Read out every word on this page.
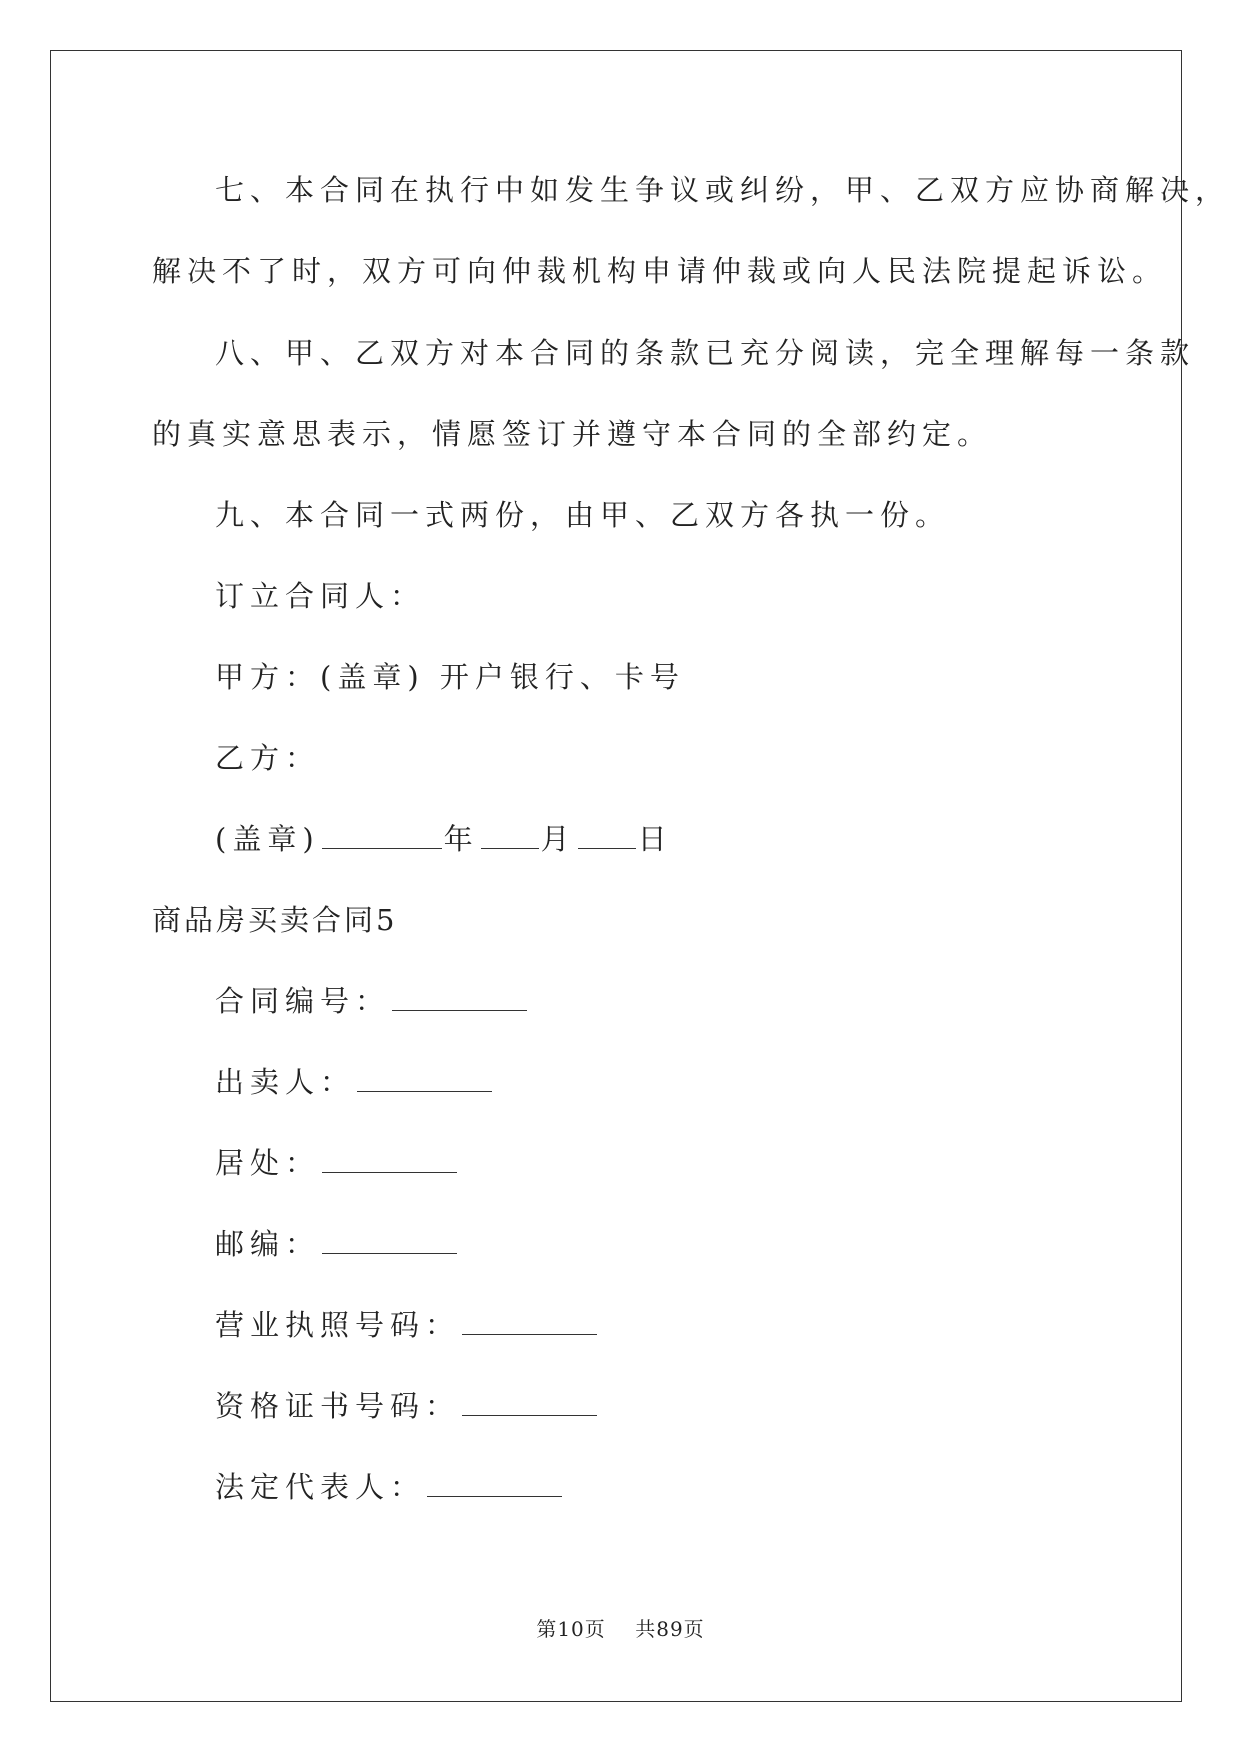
七、本合同在执行中如发生争议或纠纷，甲、乙双方应协商解决，
解决不了时，双方可向仲裁机构申请仲裁或向人民法院提起诉讼。
八、甲、乙双方对本合同的条款已充分阅读，完全理解每一条款
的真实意思表示，情愿签订并遵守本合同的全部约定。
九、本合同一式两份，由甲、乙双方各执一份。
订立合同人：
甲方：(盖章) 开户银行、卡号
乙方：
(盖章)	年 月 日
商品房买卖合同5
合同编号：
出卖人：
居处：
邮编：
营业执照号码：
资格证书号码：
法定代表人：
第10页 共89页
